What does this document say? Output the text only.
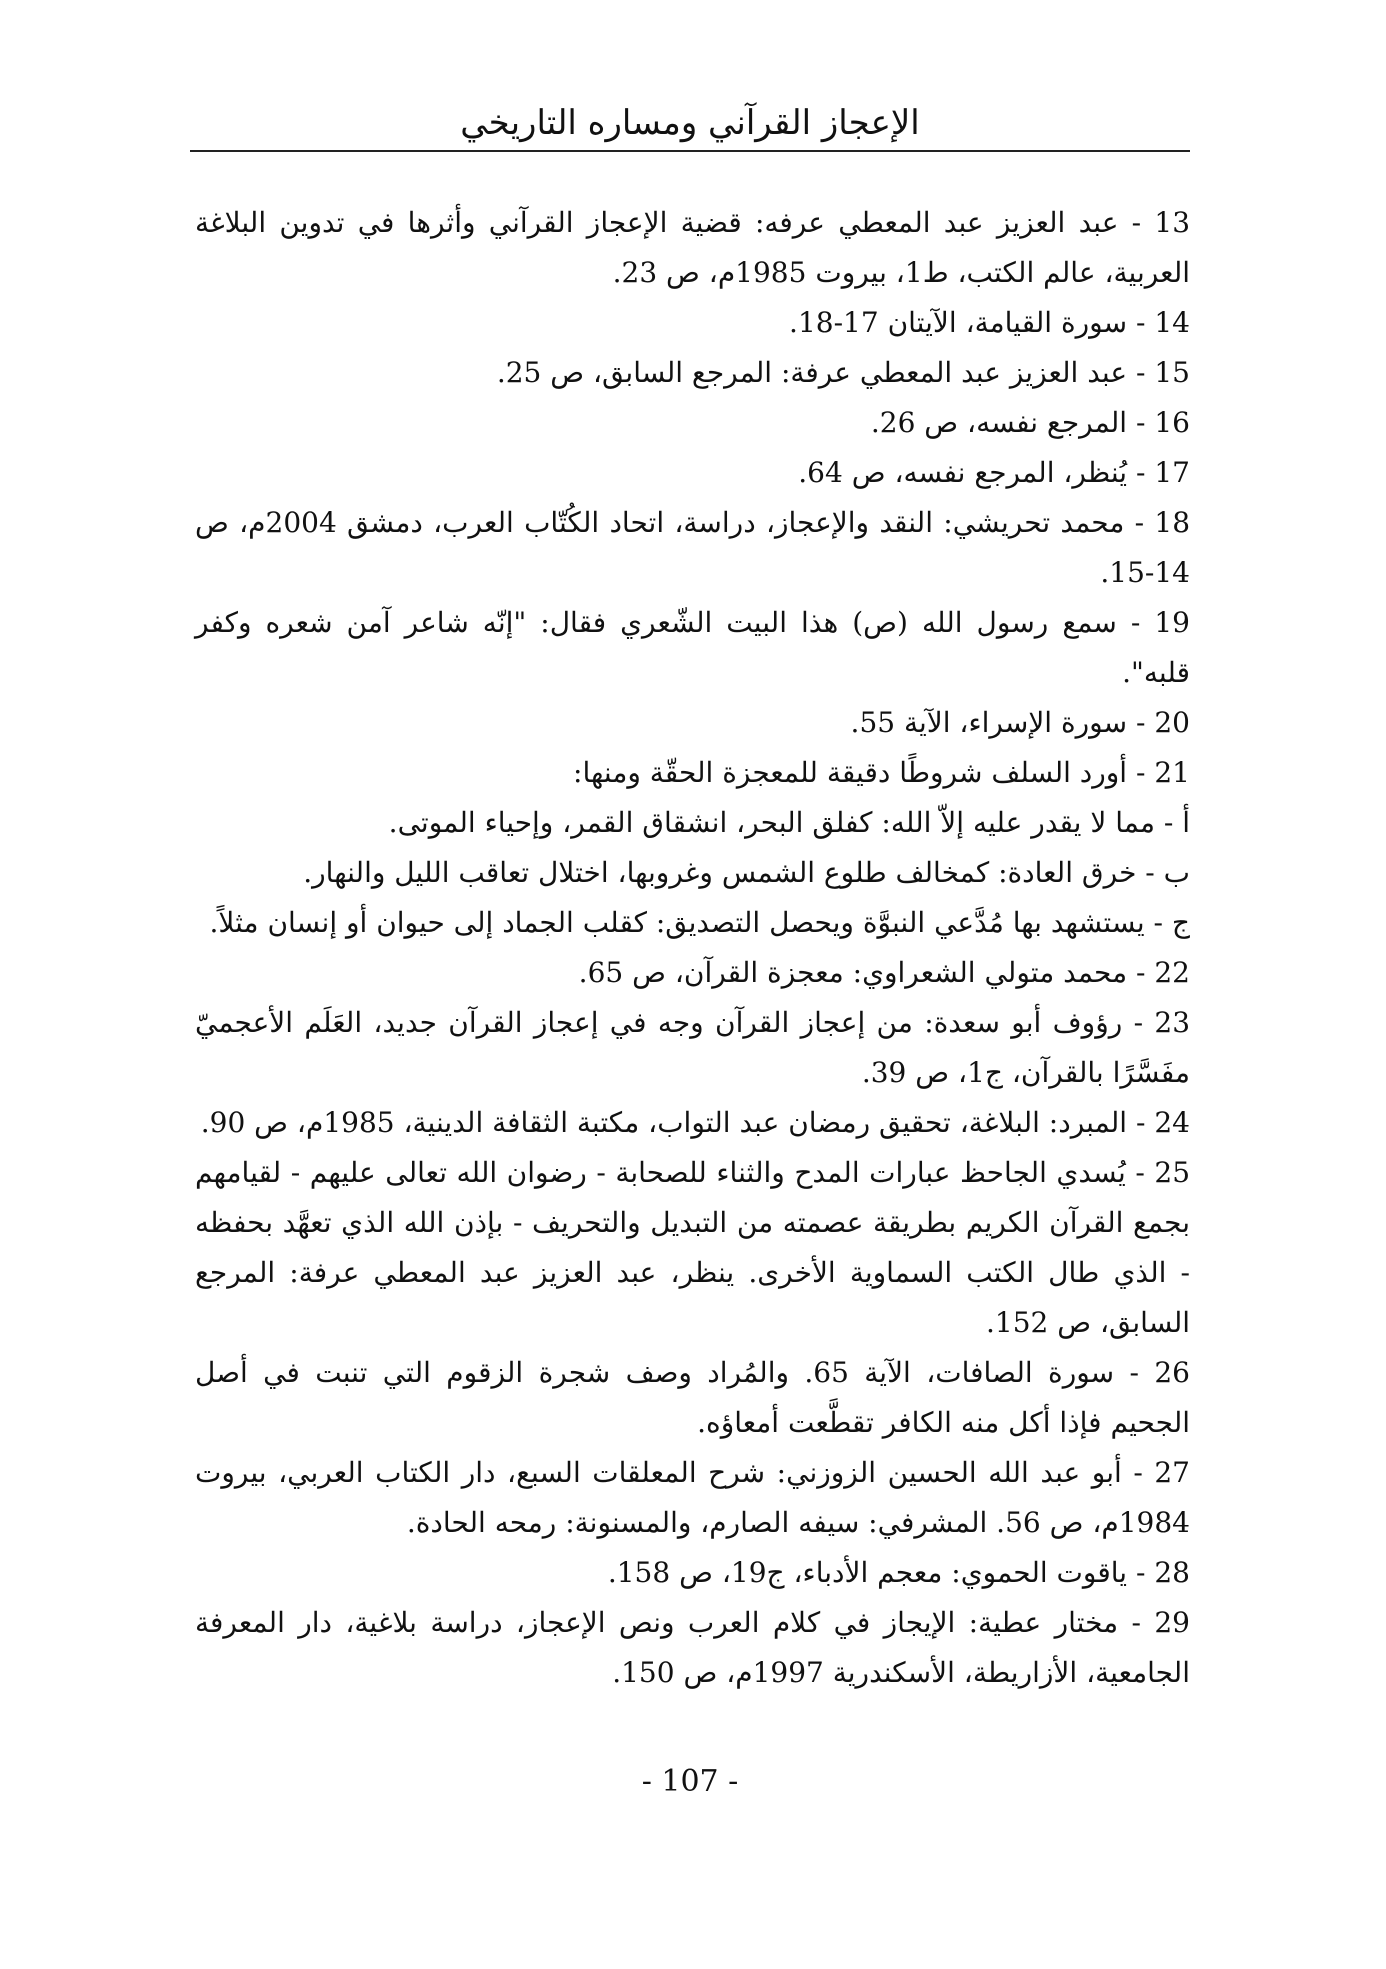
الإعجاز القرآني ومساره التاريخي
13 - عبد العزيز عبد المعطي عرفه: قضية الإعجاز القرآني وأثرها في تدوين البلاغة العربية، عالم الكتب، ط1، بيروت 1985م، ص 23.
14 - سورة القيامة، الآيتان 17-18.
15 - عبد العزيز عبد المعطي عرفة: المرجع السابق، ص 25.
16 - المرجع نفسه، ص 26.
17 - يُنظر، المرجع نفسه، ص 64.
18 - محمد تحريشي: النقد والإعجاز، دراسة، اتحاد الكُتّاب العرب، دمشق 2004م، ص 14-15.
19 - سمع رسول الله (ص) هذا البيت الشّعري فقال: "إنّه شاعر آمن شعره وكفر قلبه".
20 - سورة الإسراء، الآية 55.
21 - أورد السلف شروطًا دقيقة للمعجزة الحقّة ومنها:
أ - مما لا يقدر عليه إلاّ الله: كفلق البحر، انشقاق القمر، وإحياء الموتى.
ب - خرق العادة: كمخالف طلوع الشمس وغروبها، اختلال تعاقب الليل والنهار.
ج - يستشهد بها مُدَّعي النبوَّة ويحصل التصديق: كقلب الجماد إلى حيوان أو إنسان مثلاً.
22 - محمد متولي الشعراوي: معجزة القرآن، ص 65.
23 - رؤوف أبو سعدة: من إعجاز القرآن وجه في إعجاز القرآن جديد، العَلَم الأعجميّ مفَسَّرًا بالقرآن، ج1، ص 39.
24 - المبرد: البلاغة، تحقيق رمضان عبد التواب، مكتبة الثقافة الدينية، 1985م، ص 90.
25 - يُسدي الجاحظ عبارات المدح والثناء للصحابة - رضوان الله تعالى عليهم - لقيامهم بجمع القرآن الكريم بطريقة عصمته من التبديل والتحريف - بإذن الله الذي تعهَّد بحفظه - الذي طال الكتب السماوية الأخرى. ينظر، عبد العزيز عبد المعطي عرفة: المرجع السابق، ص 152.
26 - سورة الصافات، الآية 65. والمُراد وصف شجرة الزقوم التي تنبت في أصل الجحيم فإذا أكل منه الكافر تقطَّعت أمعاؤه.
27 - أبو عبد الله الحسين الزوزني: شرح المعلقات السبع، دار الكتاب العربي، بيروت 1984م، ص 56. المشرفي: سيفه الصارم، والمسنونة: رمحه الحادة.
28 - ياقوت الحموي: معجم الأدباء، ج19، ص 158.
29 - مختار عطية: الإيجاز في كلام العرب ونص الإعجاز، دراسة بلاغية، دار المعرفة الجامعية، الأزاريطة، الأسكندرية 1997م، ص 150.
- 107 -
